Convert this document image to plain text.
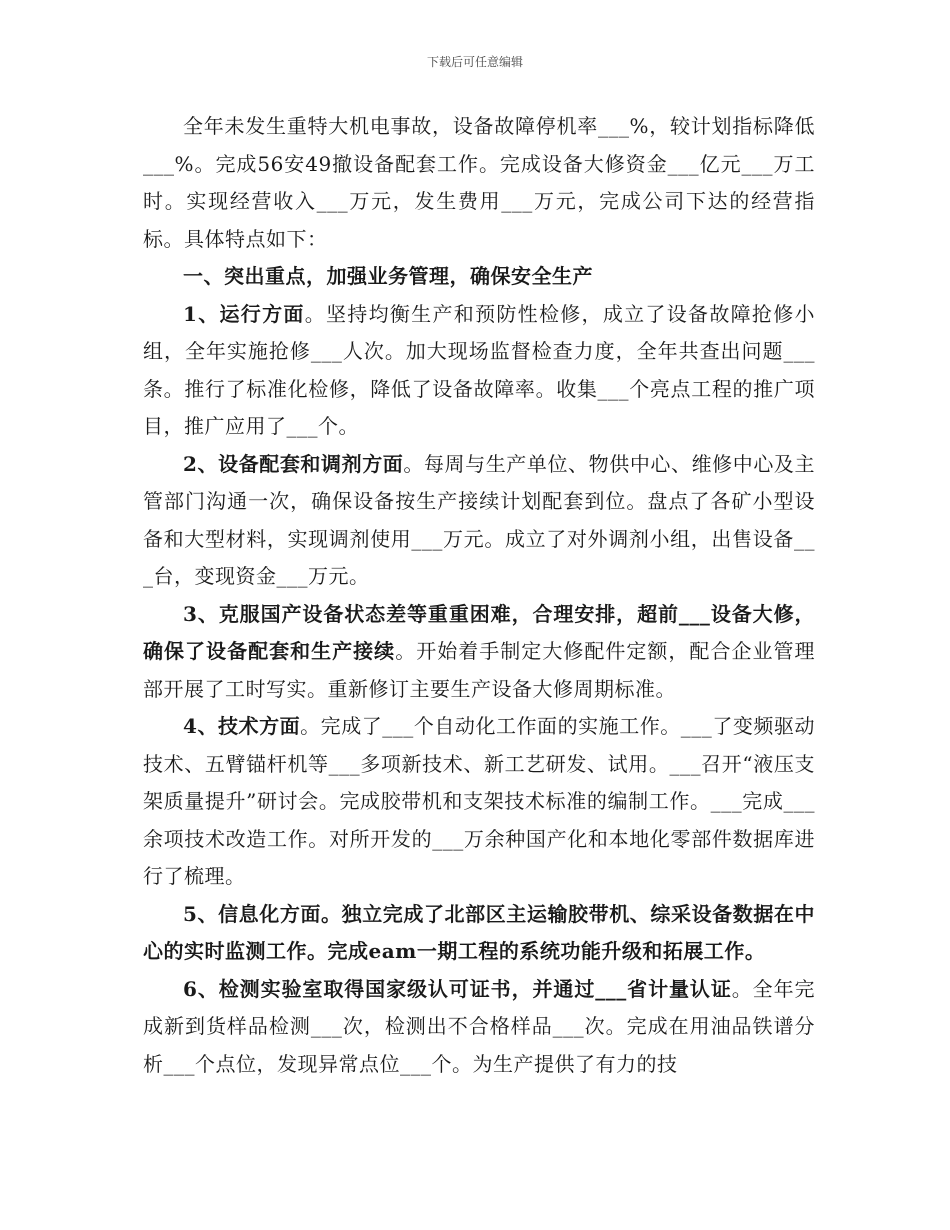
下载后可任意编辑

全年未发生重特大机电事故，设备故障停机率___%，较计划指标降低___%。完成56安49撤设备配套工作。完成设备大修资金___亿元___万工时。实现经营收入___万元，发生费用___万元，完成公司下达的经营指标。具体特点如下：

一、突出重点，加强业务管理，确保安全生产

1、运行方面。坚持均衡生产和预防性检修，成立了设备故障抢修小组，全年实施抢修___人次。加大现场监督检查力度，全年共查出问题___条。推行了标准化检修，降低了设备故障率。收集___个亮点工程的推广项目，推广应用了___个。

2、设备配套和调剂方面。每周与生产单位、物供中心、维修中心及主管部门沟通一次，确保设备按生产接续计划配套到位。盘点了各矿小型设备和大型材料，实现调剂使用___万元。成立了对外调剂小组，出售设备___台，变现资金___万元。

3、克服国产设备状态差等重重困难，合理安排，超前___设备大修，确保了设备配套和生产接续。开始着手制定大修配件定额，配合企业管理部开展了工时写实。重新修订主要生产设备大修周期标准。

4、技术方面。完成了___个自动化工作面的实施工作。___了变频驱动技术、五臂锚杆机等___多项新技术、新工艺研发、试用。___召开“液压支架质量提升”研讨会。完成胶带机和支架技术标准的编制工作。___完成___余项技术改造工作。对所开发的___万余种国产化和本地化零部件数据库进行了梳理。

5、信息化方面。独立完成了北部区主运输胶带机、综采设备数据在中心的实时监测工作。完成eam一期工程的系统功能升级和拓展工作。

6、检测实验室取得国家级认可证书，并通过___省计量认证。全年完成新到货样品检测___次，检测出不合格样品___次。完成在用油品铁谱分析___个点位，发现异常点位___个。为生产提供了有力的技
